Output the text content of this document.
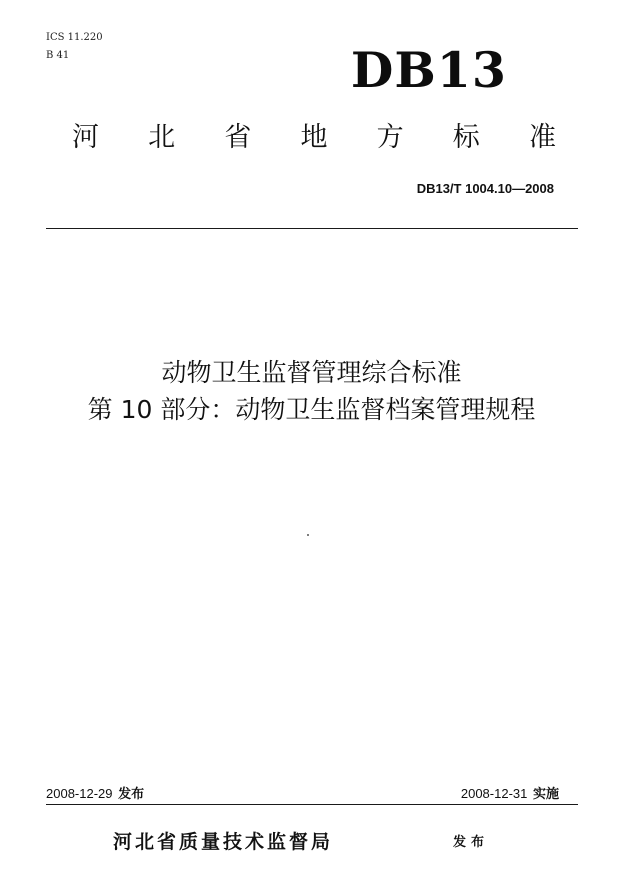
ICS 11.220
B 41	DB13
河 北 省 地 方 标 准
DB13/T 1004.10—2008
动物卫生监督管理综合标准
第 10 部分：动物卫生监督档案管理规程
2008-12-29 发布	2008-12-31 实施
河北省质量技术监督局	发布
